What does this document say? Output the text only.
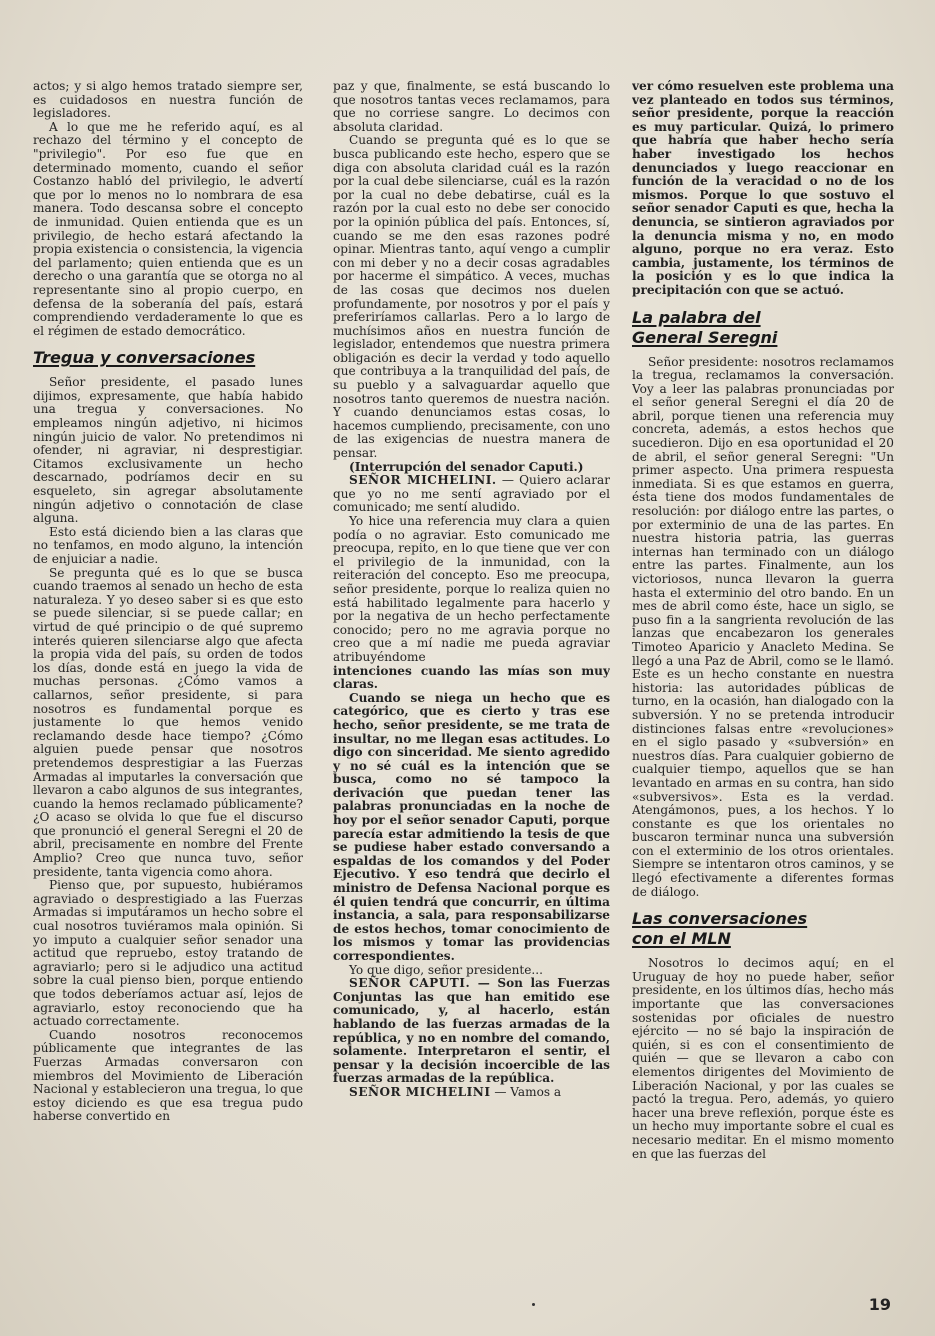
actos; y si algo hemos tratado siempre ser, es cuidadosos en nuestra función de legisladores.

A lo que me he referido aquí, es al rechazo del término y el concepto de "privilegio". Por eso fue que en determinado momento, cuando el señor Costanzo habló del privilegio, le advertí que por lo menos no lo nombrara de esa manera. Todo descansa sobre el concepto de inmunidad. Quien entienda que es un privilegio, de hecho estará afectando la propia existencia o consistencia, la vigencia del parlamento; quien entienda que es un derecho o una garantía que se otorga no al representante sino al propio cuerpo, en defensa de la soberanía del país, estará comprendiendo verdaderamente lo que es el régimen de estado democrático.

Tregua y conversaciones

Señor presidente, el pasado lunes dijimos, expresamente, que había habido una tregua y conversaciones. No empleamos ningún adjetivo, ni hicimos ningún juicio de valor. No pretendimos ni ofender, ni agraviar, ni desprestigiar. Citamos exclusivamente un hecho descarnado, podríamos decir en su esqueleto, sin agregar absolutamente ningún adjetivo o connotación de clase alguna.

Esto está diciendo bien a las claras que no tenfamos, en modo alguno, la intención de enjuiciar a nadie.

Se pregunta qué es lo que se busca cuando traemos al senado un hecho de esta naturaleza. Y yo deseo saber si es que esto se puede silenciar, si se puede callar; en virtud de qué principio o de qué supremo interés quieren silenciarse algo que afecta la propia vida del país, su orden de todos los días, donde está en juego la vida de muchas personas. ¿Cómo vamos a callarnos, señor presidente, si para nosotros es fundamental porque es justamente lo que hemos venido reclamando desde hace tiempo? ¿Cómo alguien puede pensar que nosotros pretendemos desprestigiar a las Fuerzas Armadas al imputarles la conversación que llevaron a cabo algunos de sus integrantes, cuando la hemos reclamado públicamente? ¿O acaso se olvida lo que fue el discurso que pronunció el general Seregni el 20 de abril, precisamente en nombre del Frente Amplio? Creo que nunca tuvo, señor presidente, tanta vigencia como ahora.

Pienso que, por supuesto, hubiéramos agraviado o desprestigiado a las Fuerzas Armadas si imputáramos un hecho sobre el cual nosotros tuviéramos mala opinión. Si yo imputo a cualquier señor senador una actitud que repruebo, estoy tratando de agraviarlo; pero si le adjudico una actitud sobre la cual pienso bien, porque entiendo que todos deberíamos actuar así, lejos de agraviarlo, estoy reconociendo que ha actuado correctamente.

Cuando nosotros reconocemos públicamente que integrantes de las Fuerzas Armadas conversaron con miembros del Movimiento de Liberación Nacional y establecieron una tregua, lo que estoy diciendo es que esa tregua pudo haberse convertido en

paz y que, finalmente, se está buscando lo que nosotros tantas veces reclamamos, para que no corriese sangre. Lo decimos con absoluta claridad.

Cuando se pregunta qué es lo que se busca publicando este hecho, espero que se diga con absoluta claridad cuál es la razón por la cual debe silenciarse, cuál es la razón por la cual no debe debatirse, cuál es la razón por la cual esto no debe ser conocido por la opinión pública del país. Entonces, sí, cuando se me den esas razones podré opinar. Mientras tanto, aquí vengo a cumplir con mi deber y no a decir cosas agradables por hacerme el simpático. A veces, muchas de las cosas que decimos nos duelen profundamente, por nosotros y por el país y preferiríamos callarlas. Pero a lo largo de muchísimos años en nuestra función de legislador, entendemos que nuestra primera obligación es decir la verdad y todo aquello que contribuya a la tranquilidad del país, de su pueblo y a salvaguardar aquello que nosotros tanto queremos de nuestra nación. Y cuando denunciamos estas cosas, lo hacemos cumpliendo, precisamente, con uno de las exigencias de nuestra manera de pensar.

(Interrupción del senador Caputi.)

SEÑOR MICHELINI. — Quiero aclarar que yo no me sentí agraviado por el comunicado; me sentí aludido.

Yo hice una referencia muy clara a quien podía o no agraviar. Esto comunicado me preocupa, repito, en lo que tiene que ver con el privilegio de la inmunidad, con la reiteración del concepto. Eso me preocupa, señor presidente, porque lo realiza quien no está habilitado legalmente para hacerlo y por la negativa de un hecho perfectamente conocido; pero no me agravia porque no creo que a mí nadie me pueda agraviar atribuyéndome

intenciones cuando las mías son muy claras.

Cuando se niega un hecho que es categórico, que es cierto y tras ese hecho, señor presidente, se me trata de insultar, no me llegan esas actitudes. Lo digo con sinceridad. Me siento agredido y no sé cuál es la intención que se busca, como no sé tampoco la derivación que puedan tener las palabras pronunciadas en la noche de hoy por el señor senador Caputi, porque parecía estar admitiendo la tesis de que se pudiese haber estado conversando a espaldas de los comandos y del Poder Ejecutivo. Y eso tendrá que decirlo el ministro de Defensa Nacional porque es él quien tendrá que concurrir, en última instancia, a sala, para responsabilizarse de estos hechos, tomar conocimiento de los mismos y tomar las providencias correspondientes.

Yo que digo, señor presidente...

SEÑOR CAPUTI. — Son las Fuerzas Conjuntas las que han emitido ese comunicado, y, al hacerlo, están hablando de las fuerzas armadas de la república, y no en nombre del comando, solamente. Interpretaron el sentir, el pensar y la decisión incoercible de las fuerzas armadas de la república.

SEÑOR MICHELINI — Vamos a

ver cómo resuelven este problema una vez planteado en todos sus términos, señor presidente, porque la reacción es muy particular. Quizá, lo primero que habría que haber hecho sería haber investigado los hechos denunciados y luego reaccionar en función de la veracidad o no de los mismos. Porque lo que sostuvo el señor senador Caputi es que, hecha la denuncia, se sintieron agraviados por la denuncia misma y no, en modo alguno, porque no era veraz. Esto cambia, justamente, los términos de la posición y es lo que indica la precipitación con que se actuó.

La palabra del
General Seregni

Señor presidente: nosotros reclamamos la tregua, reclamamos la conversación. Voy a leer las palabras pronunciadas por el señor general Seregni el día 20 de abril, porque tienen una referencia muy concreta, además, a estos hechos que sucedieron. Dijo en esa oportunidad el 20 de abril, el señor general Seregni: "Un primer aspecto. Una primera respuesta inmediata. Si es que estamos en guerra, ésta tiene dos modos fundamentales de resolución: por diálogo entre las partes, o por exterminio de una de las partes. En nuestra historia patria, las guerras internas han terminado con un diálogo entre las partes. Finalmente, aun los victoriosos, nunca llevaron la guerra hasta el exterminio del otro bando. En un mes de abril como éste, hace un siglo, se puso fin a la sangrienta revolución de las lanzas que encabezaron los generales Timoteo Aparicio y Anacleto Medina. Se llegó a una Paz de Abril, como se le llamó. Este es un hecho constante en nuestra historia: las autoridades públicas de turno, en la ocasión, han dialogado con la subversión. Y no se pretenda introducir distinciones falsas entre «revoluciones» en el siglo pasado y «subversión» en nuestros días. Para cualquier gobierno de cualquier tiempo, aquellos que se han levantado en armas en su contra, han sido «subversivos». Esta es la verdad. Atengámonos, pues, a los hechos. Y lo constante es que los orientales no buscaron terminar nunca una subversión con el exterminio de los otros orientales. Siempre se intentaron otros caminos, y se llegó efectivamente a diferentes formas de diálogo.

Las conversaciones
con el MLN

Nosotros lo decimos aquí; en el Uruguay de hoy no puede haber, señor presidente, en los últimos días, hecho más importante que las conversaciones sostenidas por oficiales de nuestro ejército — no sé bajo la inspiración de quién, si es con el consentimiento de quién — que se llevaron a cabo con elementos dirigentes del Movimiento de Liberación Nacional, y por las cuales se pactó la tregua. Pero, además, yo quiero hacer una breve reflexión, porque éste es un hecho muy importante sobre el cual es necesario meditar. En el mismo momento en que las fuerzas del

19
